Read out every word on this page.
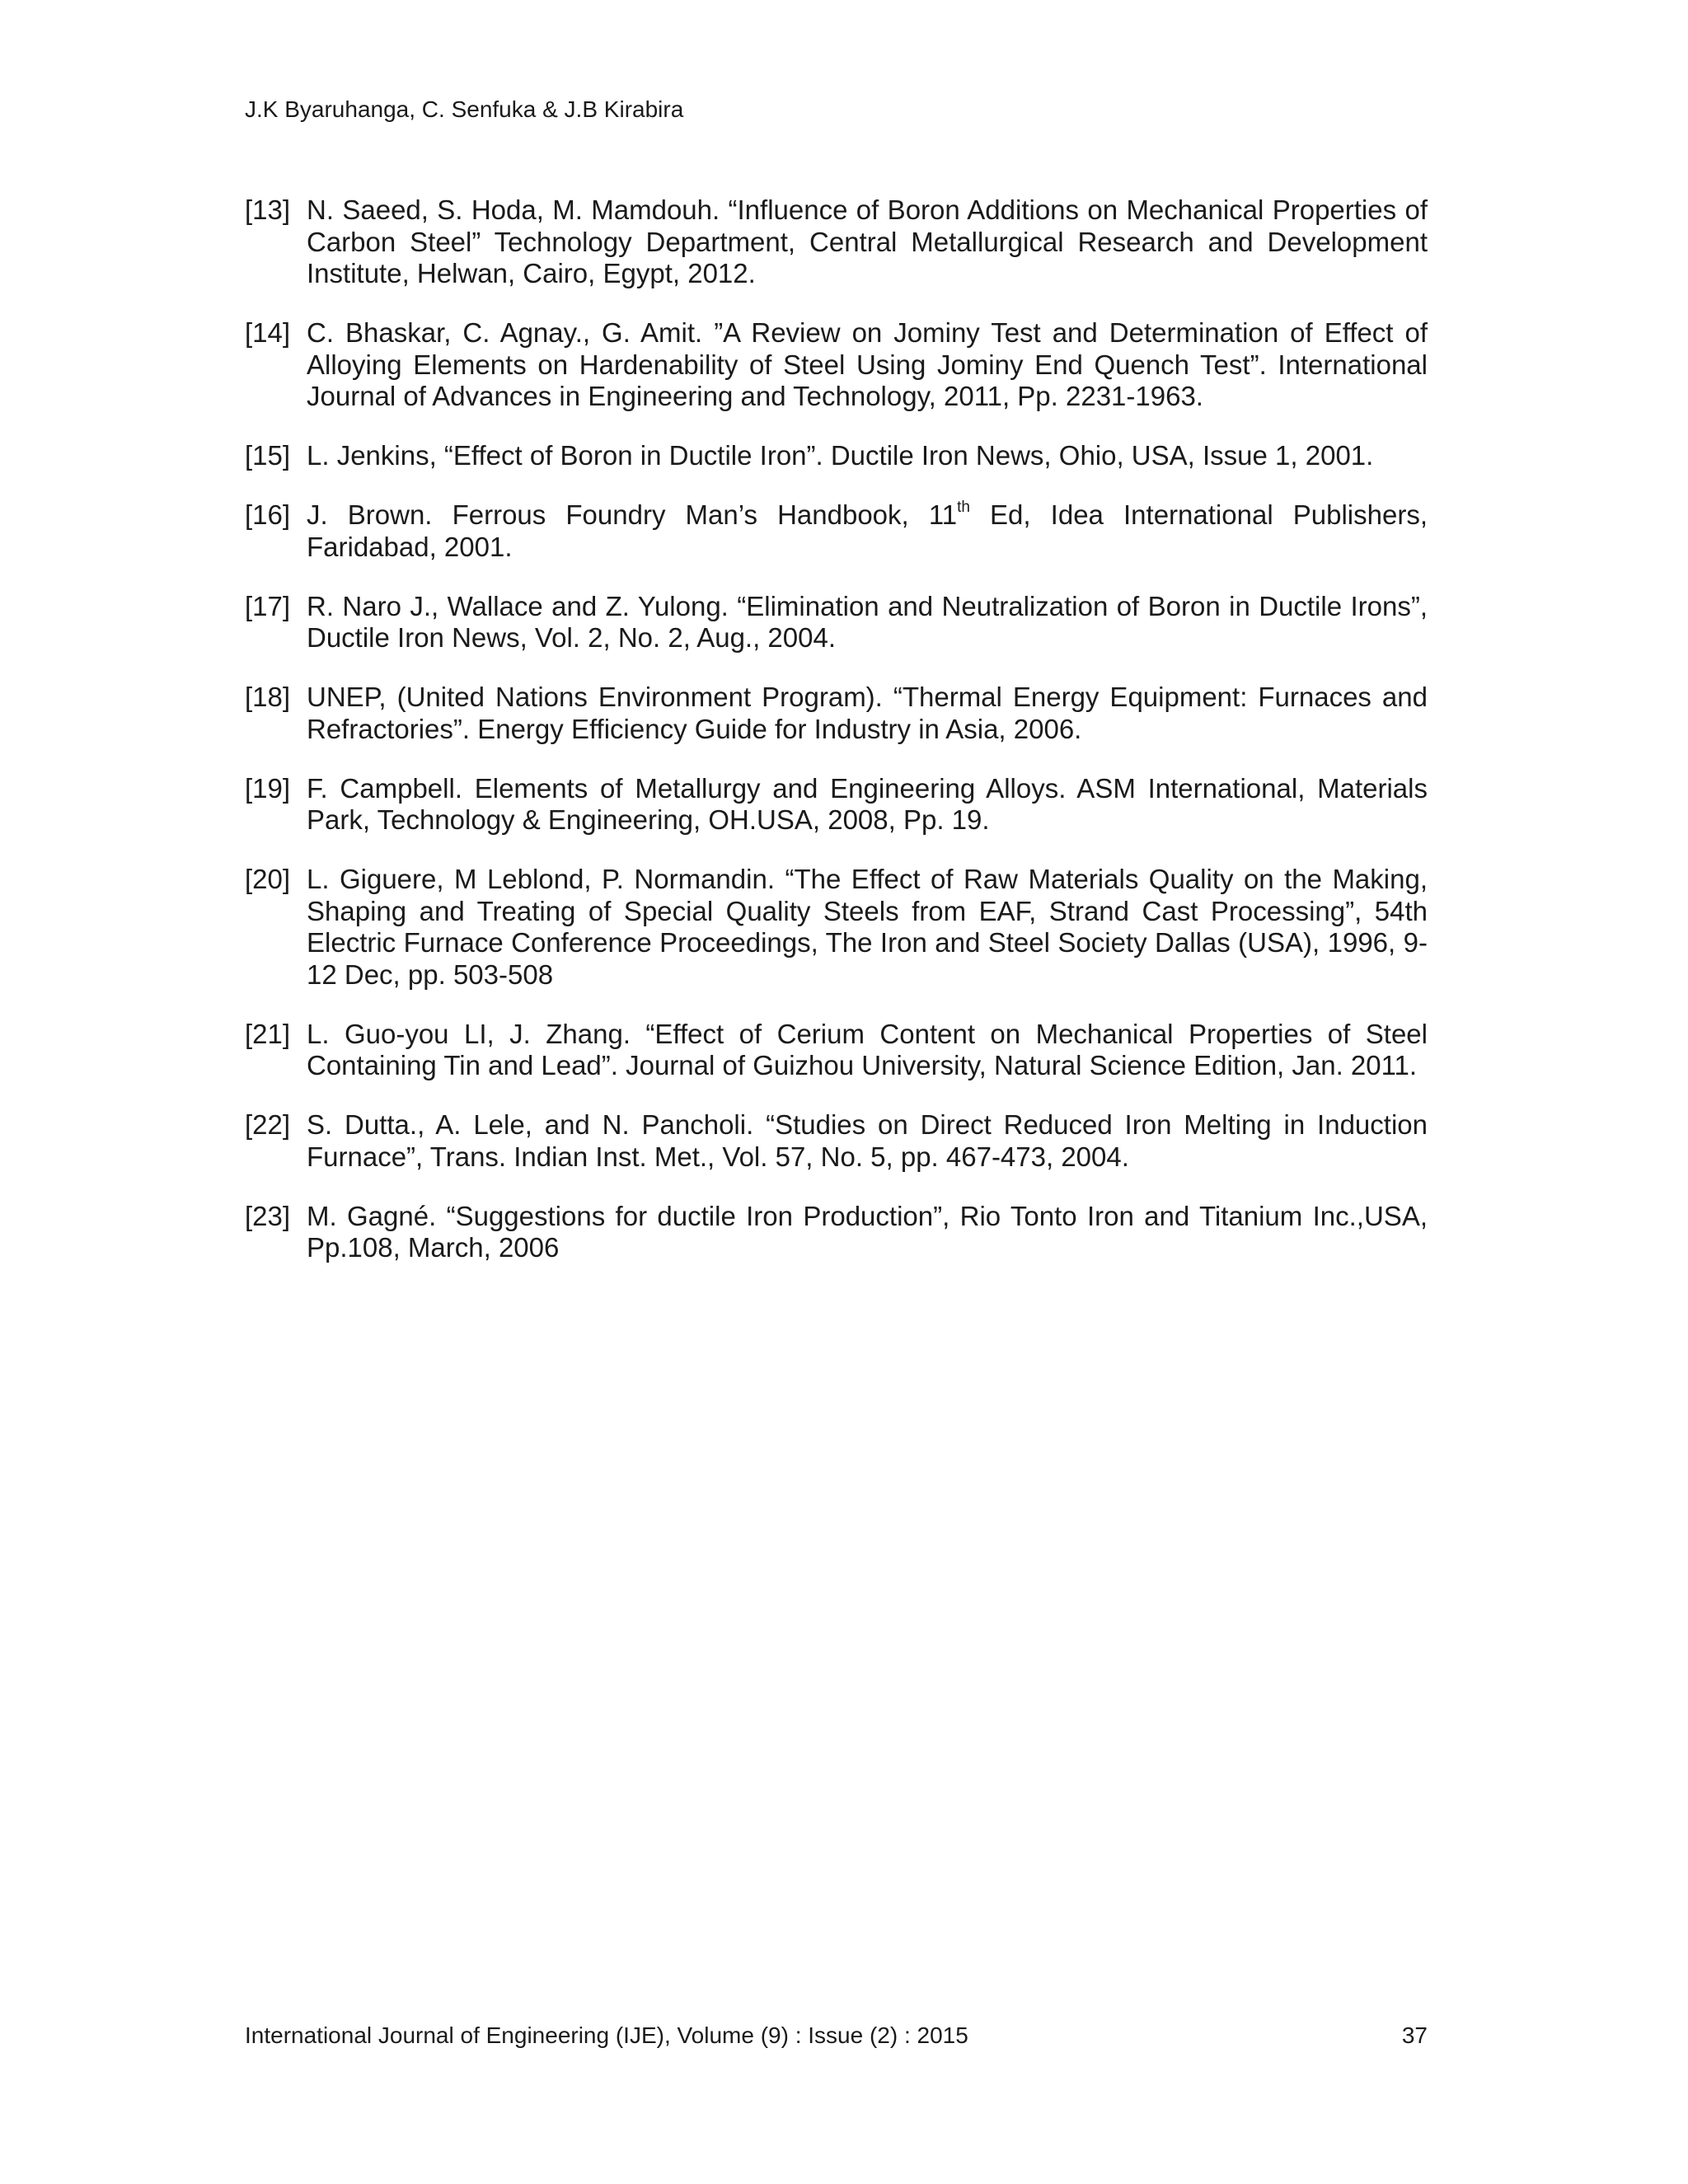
J.K Byaruhanga, C. Senfuka & J.B Kirabira
[13] N. Saeed, S. Hoda, M. Mamdouh. “Influence of Boron Additions on Mechanical Properties of Carbon Steel” Technology Department, Central Metallurgical Research and Development Institute, Helwan, Cairo, Egypt, 2012.
[14] C. Bhaskar, C. Agnay., G. Amit. ”A Review on Jominy Test and Determination of Effect of Alloying Elements on Hardenability of Steel Using Jominy End Quench Test”. International Journal of Advances in Engineering and Technology, 2011, Pp. 2231-1963.
[15] L. Jenkins, “Effect of Boron in Ductile Iron”. Ductile Iron News, Ohio, USA, Issue 1, 2001.
[16] J. Brown. Ferrous Foundry Man’s Handbook, 11th Ed, Idea International Publishers, Faridabad, 2001.
[17] R. Naro J., Wallace and Z. Yulong. “Elimination and Neutralization of Boron in Ductile Irons”, Ductile Iron News, Vol. 2, No. 2, Aug., 2004.
[18] UNEP, (United Nations Environment Program). “Thermal Energy Equipment: Furnaces and Refractories”. Energy Efficiency Guide for Industry in Asia, 2006.
[19] F. Campbell. Elements of Metallurgy and Engineering Alloys. ASM International, Materials Park, Technology & Engineering, OH.USA, 2008, Pp. 19.
[20] L. Giguere, M Leblond, P. Normandin. “The Effect of Raw Materials Quality on the Making, Shaping and Treating of Special Quality Steels from EAF, Strand Cast Processing”, 54th Electric Furnace Conference Proceedings, The Iron and Steel Society Dallas (USA), 1996, 9-12 Dec, pp. 503-508
[21] L. Guo-you LI, J. Zhang. “Effect of Cerium Content on Mechanical Properties of Steel Containing Tin and Lead”. Journal of Guizhou University, Natural Science Edition, Jan. 2011.
[22] S. Dutta., A. Lele, and N. Pancholi. “Studies on Direct Reduced Iron Melting in Induction Furnace”, Trans. Indian Inst. Met., Vol. 57, No. 5, pp. 467-473, 2004.
[23] M. Gagné. “Suggestions for ductile Iron Production”, Rio Tonto Iron and Titanium Inc.,USA, Pp.108, March, 2006
International Journal of Engineering (IJE), Volume (9) : Issue (2) : 2015	37
